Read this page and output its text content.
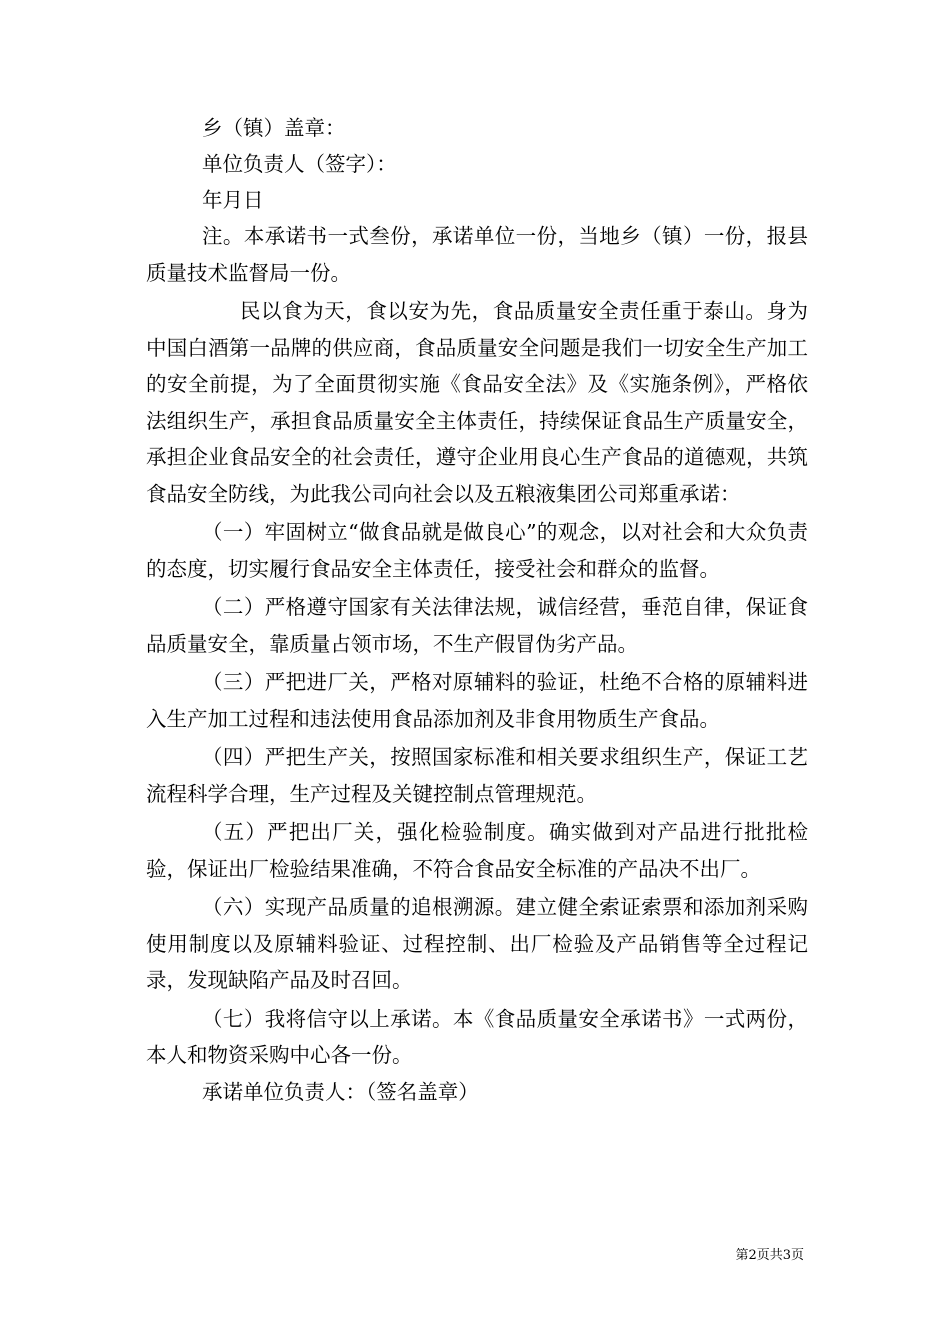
乡（镇）盖章：

单位负责人（签字）：

年月日

注。本承诺书一式叁份，承诺单位一份，当地乡（镇）一份，报县质量技术监督局一份。

民以食为天，食以安为先，食品质量安全责任重于泰山。身为中国白酒第一品牌的供应商，食品质量安全问题是我们一切安全生产加工的安全前提，为了全面贯彻实施《食品安全法》及《实施条例》，严格依法组织生产，承担食品质量安全主体责任，持续保证食品生产质量安全，承担企业食品安全的社会责任，遵守企业用良心生产食品的道德观，共筑食品安全防线，为此我公司向社会以及五粮液集团公司郑重承诺：

（一）牢固树立“做食品就是做良心”的观念，以对社会和大众负责的态度，切实履行食品安全主体责任，接受社会和群众的监督。

（二）严格遵守国家有关法律法规，诚信经营，垂范自律，保证食品质量安全，靠质量占领市场，不生产假冒伪劣产品。

（三）严把进厂关，严格对原辅料的验证，杜绝不合格的原辅料进入生产加工过程和违法使用食品添加剂及非食用物质生产食品。

（四）严把生产关，按照国家标准和相关要求组织生产，保证工艺流程科学合理，生产过程及关键控制点管理规范。

（五）严把出厂关，强化检验制度。确实做到对产品进行批批检验，保证出厂检验结果准确，不符合食品安全标准的产品决不出厂。

（六）实现产品质量的追根溯源。建立健全索证索票和添加剂采购使用制度以及原辅料验证、过程控制、出厂检验及产品销售等全过程记录，发现缺陷产品及时召回。

（七）我将信守以上承诺。本《食品质量安全承诺书》一式两份，本人和物资采购中心各一份。

承诺单位负责人：（签名盖章）

第2页共3页
